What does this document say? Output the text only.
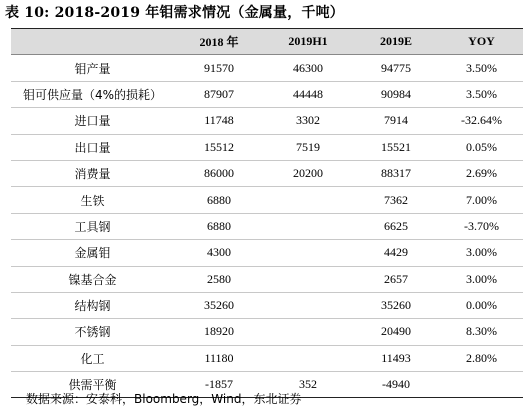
表 10: 2018-2019 年钼需求情况（金属量，千吨）
	2018 年	2019H1	2019E	YOY
钼产量	91570	46300	94775	3.50%
钼可供应量（4%的损耗）	87907	44448	90984	3.50%
进口量	11748	3302	7914	-32.64%
出口量	15512	7519	15521	0.05%
消费量	86000	20200	88317	2.69%
生铁	6880		7362	7.00%
工具钢	6880		6625	-3.70%
金属钼	4300		4429	3.00%
镍基合金	2580		2657	3.00%
结构钢	35260		35260	0.00%
不锈钢	18920		20490	8.30%
化工	11180		11493	2.80%
供需平衡	-1857	352	-4940	
数据来源：安泰科，Bloomberg，Wind，东北证券
